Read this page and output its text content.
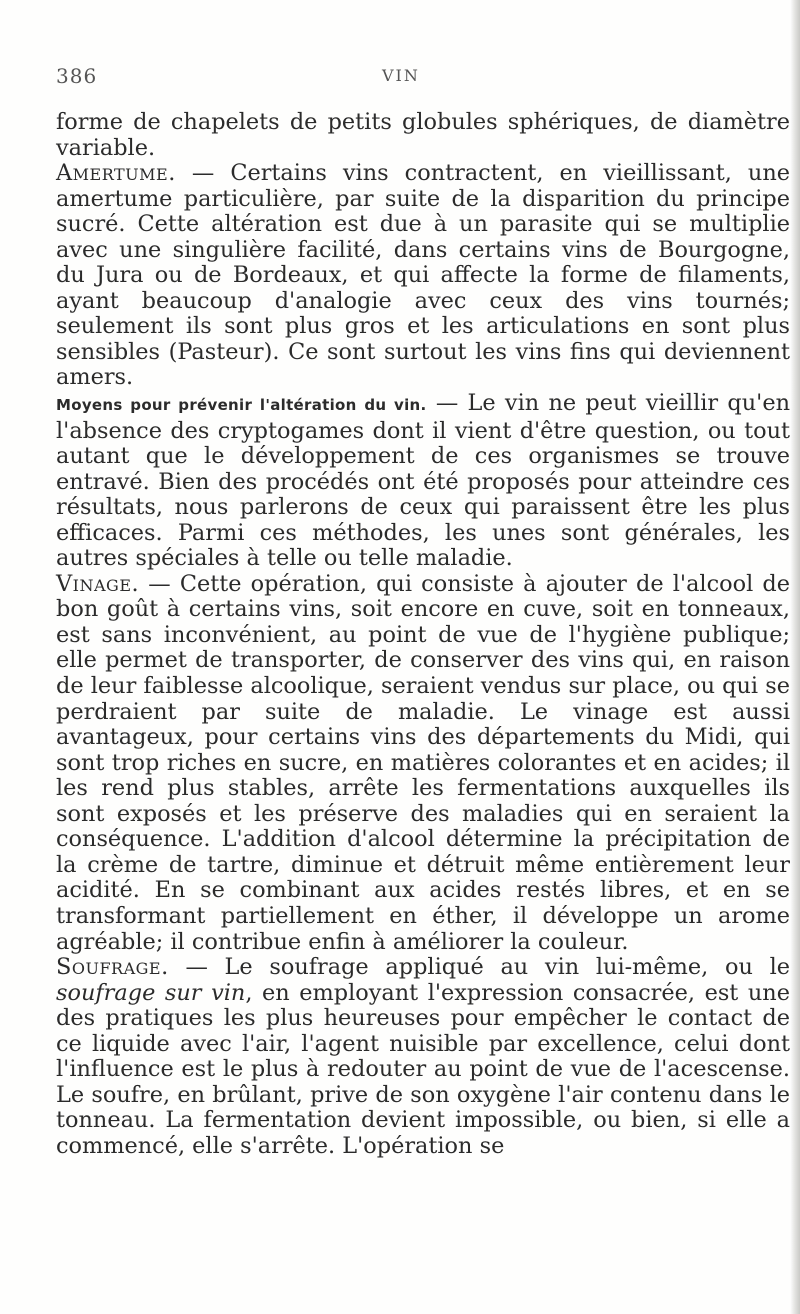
386	VIN

forme de chapelets de petits globules sphériques, de diamètre variable.

Amertume. — Certains vins contractent, en vieillissant, une amertume particulière, par suite de la disparition du principe sucré. Cette altération est due à un parasite qui se multiplie avec une singulière facilité, dans certains vins de Bourgogne, du Jura ou de Bordeaux, et qui affecte la forme de filaments, ayant beaucoup d'analogie avec ceux des vins tournés; seulement ils sont plus gros et les articulations en sont plus sensibles (Pasteur). Ce sont surtout les vins fins qui deviennent amers.

Moyens pour prévenir l'altération du vin. — Le vin ne peut vieillir qu'en l'absence des cryptogames dont il vient d'être question, ou tout autant que le développement de ces organismes se trouve entravé. Bien des procédés ont été proposés pour atteindre ces résultats, nous parlerons de ceux qui paraissent être les plus efficaces. Parmi ces méthodes, les unes sont générales, les autres spéciales à telle ou telle maladie.

Vinage. — Cette opération, qui consiste à ajouter de l'alcool de bon goût à certains vins, soit encore en cuve, soit en tonneaux, est sans inconvénient, au point de vue de l'hygiène publique; elle permet de transporter, de conserver des vins qui, en raison de leur faiblesse alcoolique, seraient vendus sur place, ou qui se perdraient par suite de maladie. Le vinage est aussi avantageux, pour certains vins des départements du Midi, qui sont trop riches en sucre, en matières colorantes et en acides; il les rend plus stables, arrête les fermentations auxquelles ils sont exposés et les préserve des maladies qui en seraient la conséquence. L'addition d'alcool détermine la précipitation de la crème de tartre, diminue et détruit même entièrement leur acidité. En se combinant aux acides restés libres, et en se transformant partiellement en éther, il développe un arome agréable; il contribue enfin à améliorer la couleur.

Soufrage. — Le soufrage appliqué au vin lui-même, ou le soufrage sur vin, en employant l'expression consacrée, est une des pratiques les plus heureuses pour empêcher le contact de ce liquide avec l'air, l'agent nuisible par excellence, celui dont l'influence est le plus à redouter au point de vue de l'acescense. Le soufre, en brûlant, prive de son oxygène l'air contenu dans le tonneau. La fermentation devient impossible, ou bien, si elle a commencé, elle s'arrête. L'opération se
